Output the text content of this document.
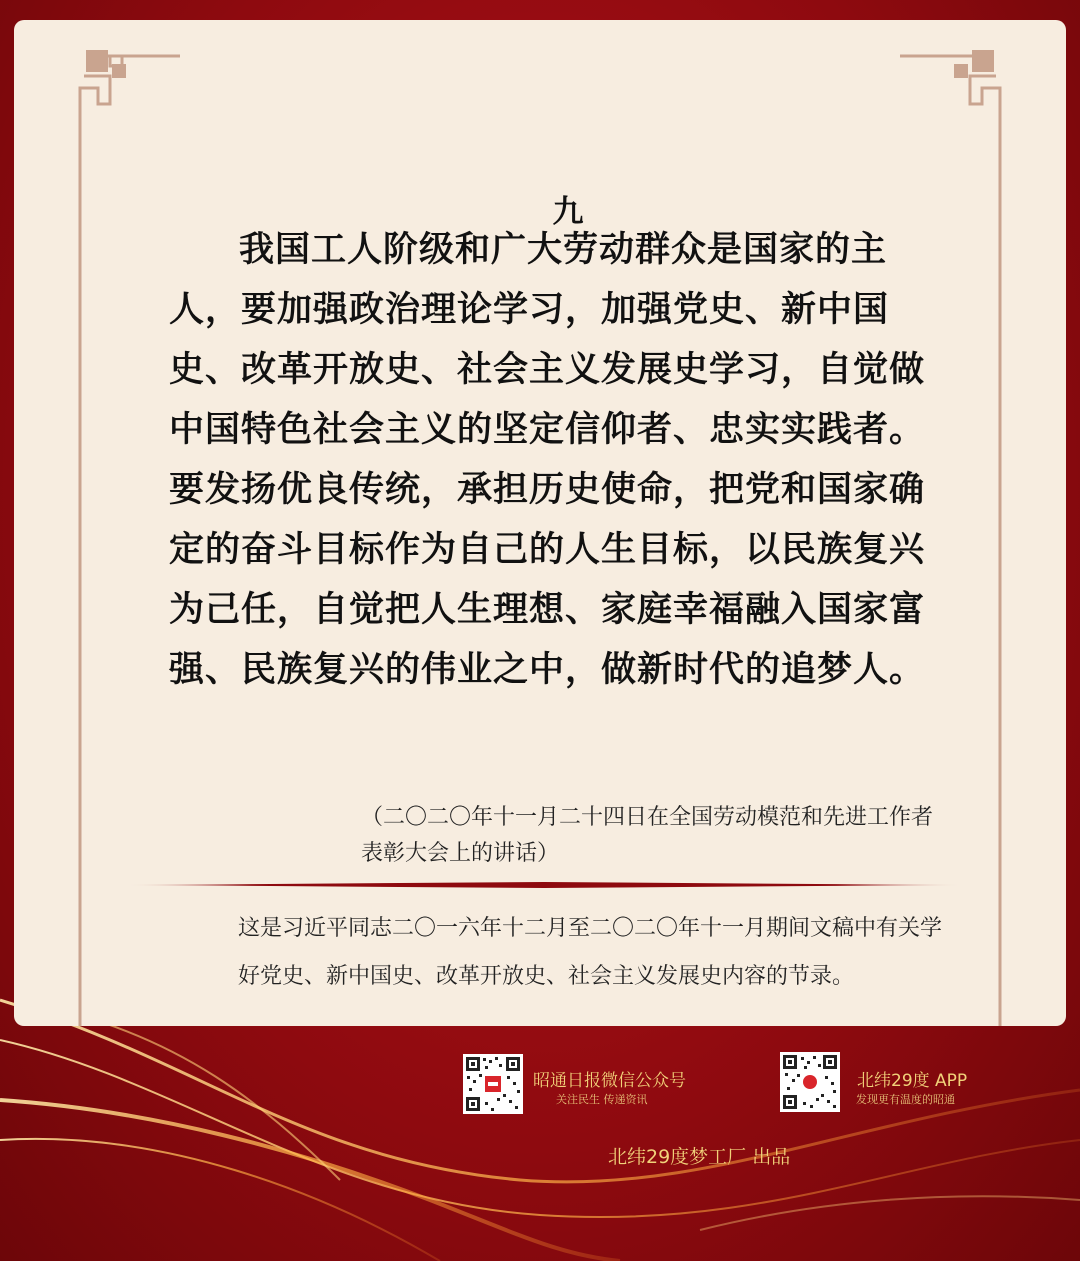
九
我国工人阶级和广大劳动群众是国家的主人，要加强政治理论学习，加强党史、新中国史、改革开放史、社会主义发展史学习，自觉做中国特色社会主义的坚定信仰者、忠实实践者。要发扬优良传统，承担历史使命，把党和国家确定的奋斗目标作为自己的人生目标，以民族复兴为己任，自觉把人生理想、家庭幸福融入国家富强、民族复兴的伟业之中，做新时代的追梦人。
（二〇二〇年十一月二十四日在全国劳动模范和先进工作者表彰大会上的讲话）
这是习近平同志二〇一六年十二月至二〇二〇年十一月期间文稿中有关学好党史、新中国史、改革开放史、社会主义发展史内容的节录。
昭通日报微信公众号
关注民生 传递资讯
北纬29度 APP
发现更有温度的昭通
北纬29度梦工厂 出品
